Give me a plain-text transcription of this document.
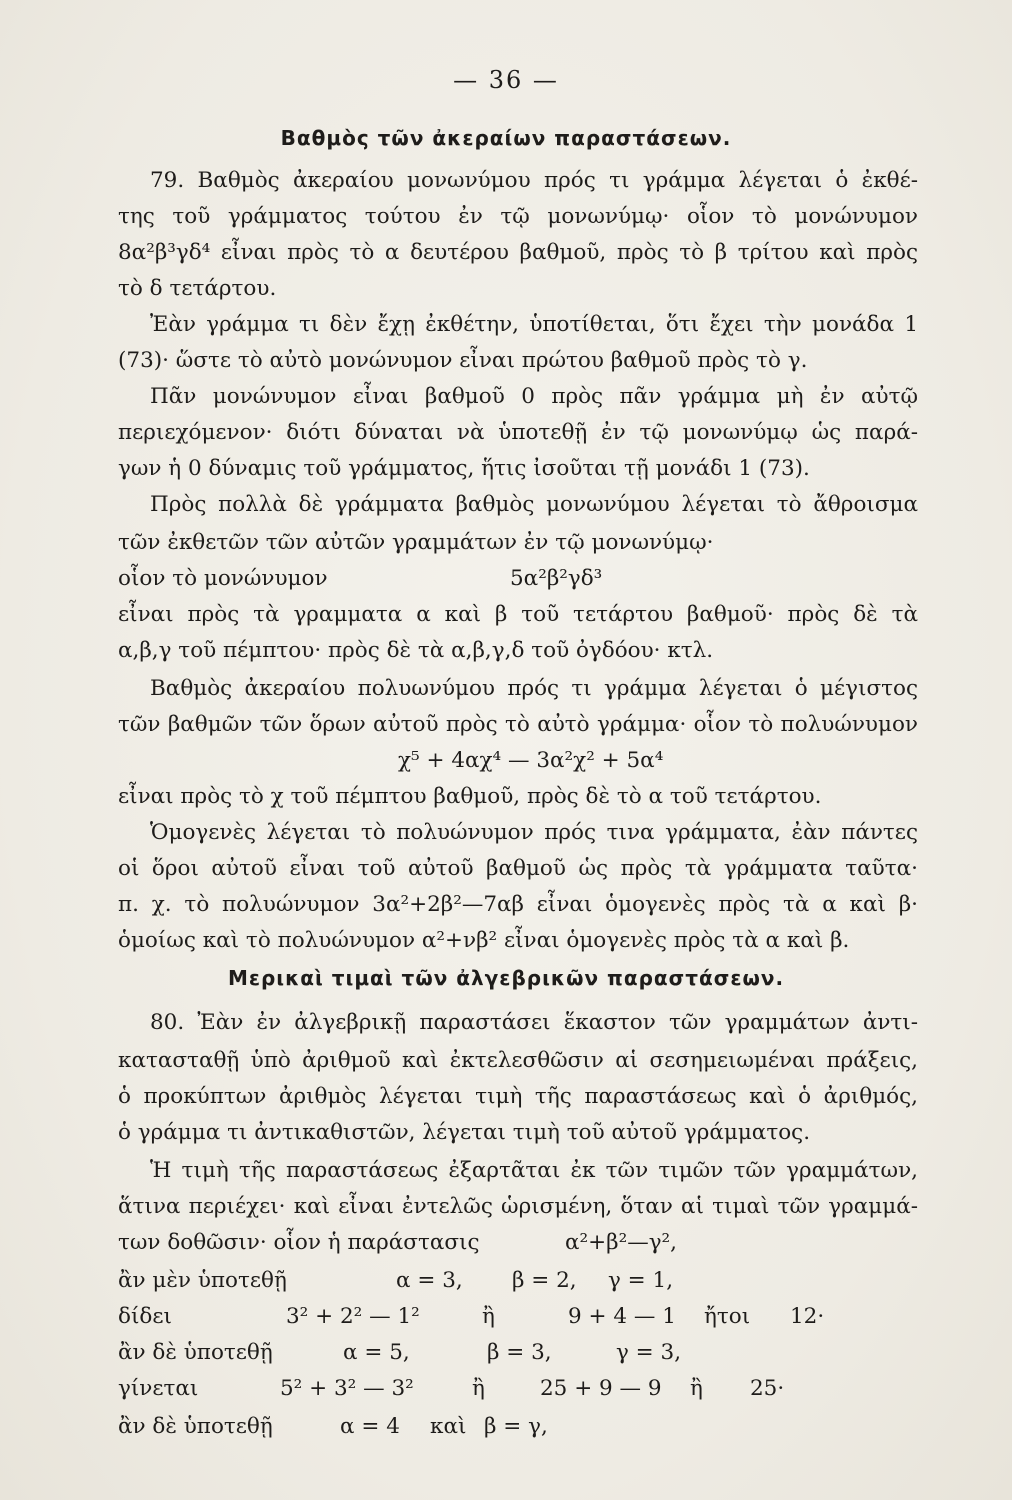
— 36 —
Βαθμὸς τῶν ἀκεραίων παραστάσεων.
79. Βαθμὸς ἀκεραίου μονωνύμου πρός τι γράμμα λέγεται ὁ ἐκθέ-
της τοῦ γράμματος τούτου ἐν τῷ μονωνύμῳ· οἷον τὸ μονώνυμον
8α²β³γδ⁴ εἶναι πρὸς τὸ α δευτέρου βαθμοῦ, πρὸς τὸ β τρίτου καὶ πρὸς
τὸ δ τετάρτου.
Ἐὰν γράμμα τι δὲν ἔχῃ ἐκθέτην, ὑποτίθεται, ὅτι ἔχει τὴν μονάδα 1
(73)· ὥστε τὸ αὐτὸ μονώνυμον εἶναι πρώτου βαθμοῦ πρὸς τὸ γ.
Πᾶν μονώνυμον εἶναι βαθμοῦ 0 πρὸς πᾶν γράμμα μὴ ἐν αὐτῷ
περιεχόμενον· διότι δύναται νὰ ὑποτεθῇ ἐν τῷ μονωνύμῳ ὡς παρά-
γων ἡ 0 δύναμις τοῦ γράμματος, ἥτις ἰσοῦται τῇ μονάδι 1 (73).
Πρὸς πολλὰ δὲ γράμματα βαθμὸς μονωνύμου λέγεται τὸ ἄθροισμα
τῶν ἐκθετῶν τῶν αὐτῶν γραμμάτων ἐν τῷ μονωνύμῳ·
οἷον τὸ μονώνυμον	5α²β²γδ³
εἶναι πρὸς τὰ γραμματα α καὶ β τοῦ τετάρτου βαθμοῦ· πρὸς δὲ τὰ
α,β,γ τοῦ πέμπτου· πρὸς δὲ τὰ α,β,γ,δ τοῦ ὀγδόου· κτλ.
Βαθμὸς ἀκεραίου πολυωνύμου πρός τι γράμμα λέγεται ὁ μέγιστος
τῶν βαθμῶν τῶν ὅρων αὐτοῦ πρὸς τὸ αὐτὸ γράμμα· οἷον τὸ πολυώνυμον
χ⁵ + 4αχ⁴ — 3α²χ² + 5α⁴
εἶναι πρὸς τὸ χ τοῦ πέμπτου βαθμοῦ, πρὸς δὲ τὸ α τοῦ τετάρτου.
Ὁμογενὲς λέγεται τὸ πολυώνυμον πρός τινα γράμματα, ἐὰν πάντες
οἱ ὅροι αὐτοῦ εἶναι τοῦ αὐτοῦ βαθμοῦ ὡς πρὸς τὰ γράμματα ταῦτα·
π. χ. τὸ πολυώνυμον 3α²+2β²—7αβ εἶναι ὁμογενὲς πρὸς τὰ α καὶ β·
ὁμοίως καὶ τὸ πολυώνυμον α²+νβ² εἶναι ὁμογενὲς πρὸς τὰ α καὶ β.
Μερικαὶ τιμαὶ τῶν ἀλγεβρικῶν παραστάσεων.
80. Ἐὰν ἐν ἀλγεβρικῇ παραστάσει ἕκαστον τῶν γραμμάτων ἀντι-
κατασταθῇ ὑπὸ ἀριθμοῦ καὶ ἐκτελεσθῶσιν αἱ σεσημειωμέναι πράξεις,
ὁ προκύπτων ἀριθμὸς λέγεται τιμὴ τῆς παραστάσεως καὶ ὁ ἀριθμός,
ὁ γράμμα τι ἀντικαθιστῶν, λέγεται τιμὴ τοῦ αὐτοῦ γράμματος.
Ἡ τιμὴ τῆς παραστάσεως ἐξαρτᾶται ἐκ τῶν τιμῶν τῶν γραμμάτων,
ἅτινα περιέχει· καὶ εἶναι ἐντελῶς ὡρισμένη, ὅταν αἱ τιμαὶ τῶν γραμμά-
των δοθῶσιν· οἷον ἡ παράστασις	α²+β²—γ²,
ἂν μὲν ὑποτεθῇ	α = 3, β = 2, γ = 1,
δίδει	3² + 2² — 1²	ἢ	9 + 4 — 1 ἤτοι 12·
ἂν δὲ ὑποτεθῇ	α = 5,	β = 3,	γ = 3,
γίνεται	5² + 3² — 3²	ἢ	25 + 9 — 9 ἢ 25·
ἂν δὲ ὑποτεθῇ	α = 4 καὶ β = γ,
